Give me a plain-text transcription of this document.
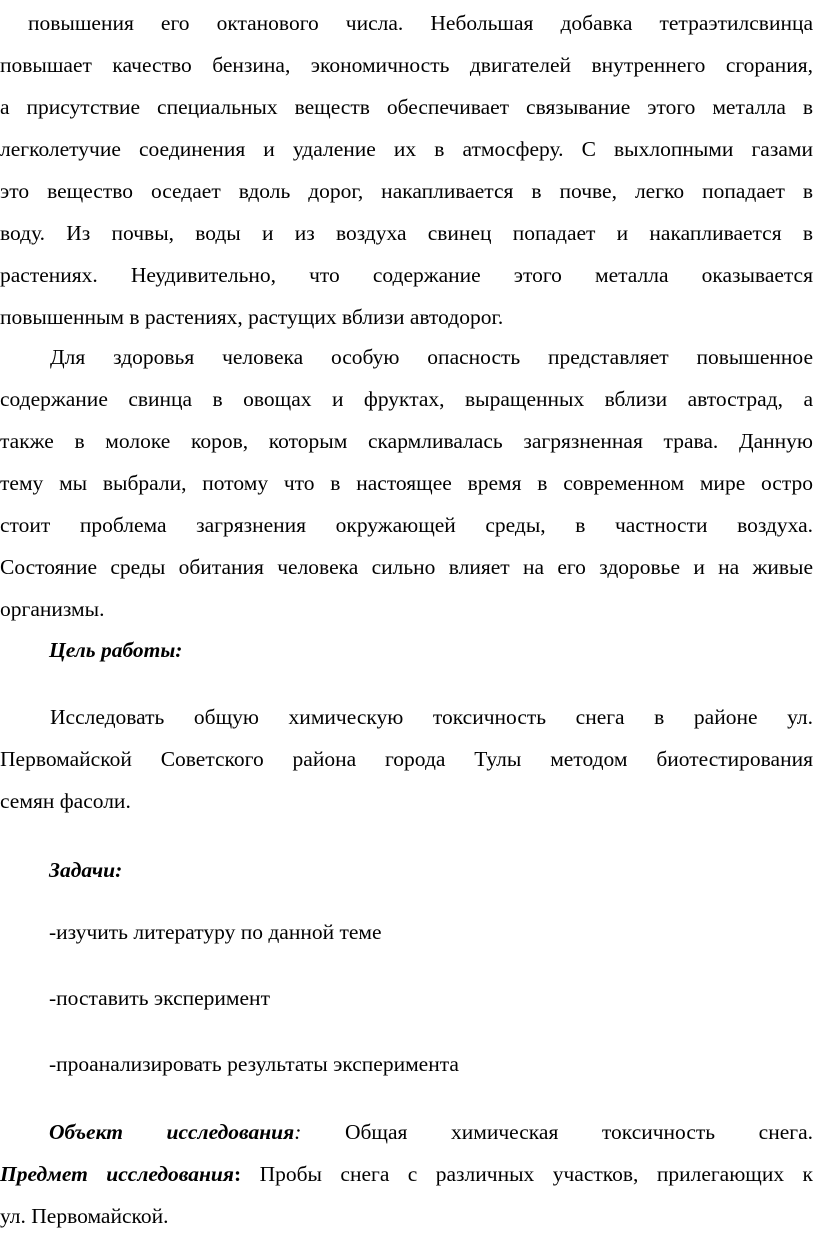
повышения его октанового числа. Небольшая добавка тетраэтилсвинца
повышает качество бензина, экономичность двигателей внутреннего сгорания,
а присутствие специальных веществ обеспечивает связывание этого металла в
легколетучие соединения и удаление их в атмосферу. С выхлопными газами
это вещество оседает вдоль дорог, накапливается в почве, легко попадает в
воду. Из почвы, воды и из воздуха свинец попадает и накапливается в
растениях. Неудивительно, что содержание этого металла оказывается
повышенным в растениях, растущих вблизи автодорог.
Для здоровья человека особую опасность представляет повышенное
содержание свинца в овощах и фруктах, выращенных вблизи автострад, а
также в молоке коров, которым скармливалась загрязненная трава. Данную
тему мы выбрали, потому что в настоящее время в современном мире остро
стоит проблема загрязнения окружающей среды, в частности воздуха.
Состояние среды обитания человека сильно влияет на его здоровье и на живые
организмы.
Цель работы:
Исследовать общую химическую токсичность снега в районе ул.
Первомайской Советского района города Тулы методом биотестирования
семян фасоли.
Задачи:
-изучить литературу по данной теме
-поставить эксперимент
-проанализировать результаты эксперимента
Объект исследования: Общая химическая токсичность снега.
Предмет исследования: Пробы снега с различных участков, прилегающих к
ул. Первомайской.
